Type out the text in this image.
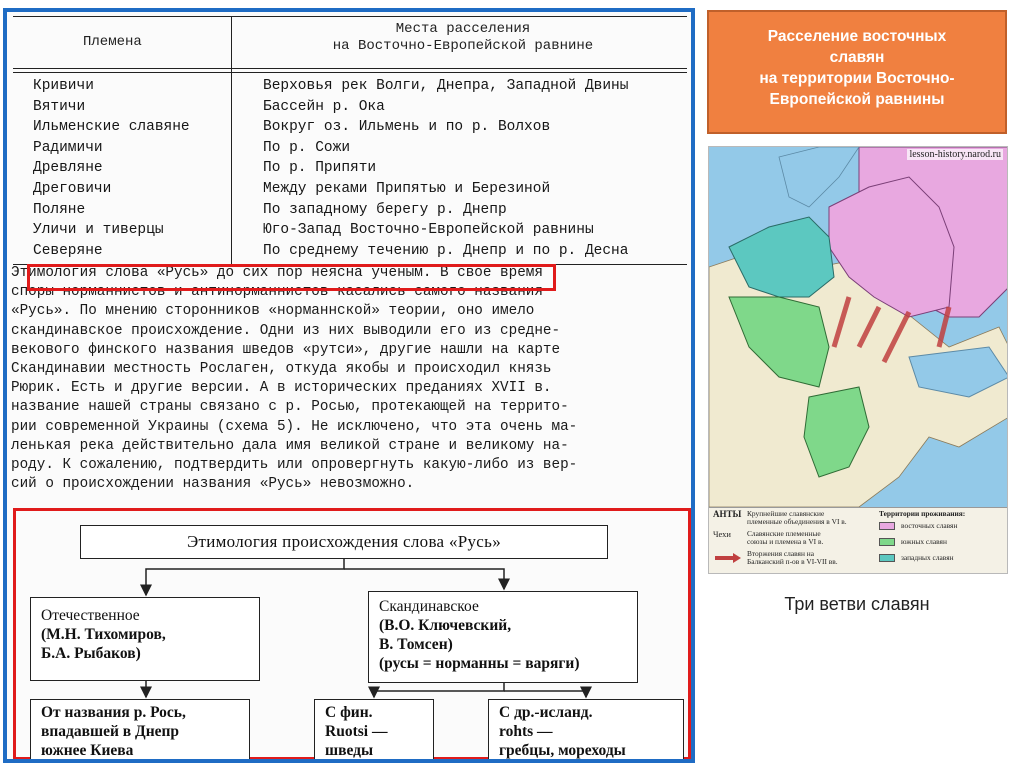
Племена
Места расселения
на Восточно-Европейской равнине
Кривичи	Верховья рек Волги, Днепра, Западной Двины
Вятичи	Бассейн р. Ока
Ильменские славяне	Вокруг оз. Ильмень и по р. Волхов
Радимичи	По р. Сожи
Древляне	По р. Припяти
Дреговичи	Между реками Припятью и Березиной
Поляне	По западному берегу р. Днепр
Уличи и тиверцы	Юго-Запад Восточно-Европейской равнины
Северяне	По среднему течению р. Днепр и по р. Десна
Этимология слова «Русь» до сих пор неясна ученым. В свое время
споры норманнистов и антинорманнистов касались самого названия
«Русь». По мнению сторонников «норманнской» теории, оно имело
скандинавское происхождение. Одни из них выводили его из средне-
векового финского названия шведов «рутси», другие нашли на карте
Скандинавии местность Рослаген, откуда якобы и происходил князь
Рюрик. Есть и другие версии. А в исторических преданиях XVII в.
название нашей страны связано с р. Росью, протекающей на террито-
рии современной Украины (схема 5). Не исключено, что эта очень ма-
ленькая река действительно дала имя великой стране и великому на-
роду. К сожалению, подтвердить или опровергнуть какую-либо из вер-
сий о происхождении названия «Русь» невозможно.
Этимология происхождения слова «Русь»
Отечественное
(М.Н. Тихомиров,
Б.А. Рыбаков)
Скандинавское
(В.О. Ключевский,
В. Томсен)
(русы = норманны = варяги)
От названия р. Рось,
впадавшей в Днепр
южнее Киева
С фин.
Ruotsi —
шведы
С др.-исланд.
rohts —
гребцы, мореходы
Расселение восточных
славян
на территории Восточно-
Европейской равнины
lesson-history.narod.ru
АНТЫ Крупнейшие славянские
племенные объединения в VI в.
Чехи Славянские племенные
союзы и племена в VI в.
Вторжения славян на
Балканский п-ов в VI-VII вв.
Территории проживания:
восточных славян
южных славян
западных славян
Три ветви славян
